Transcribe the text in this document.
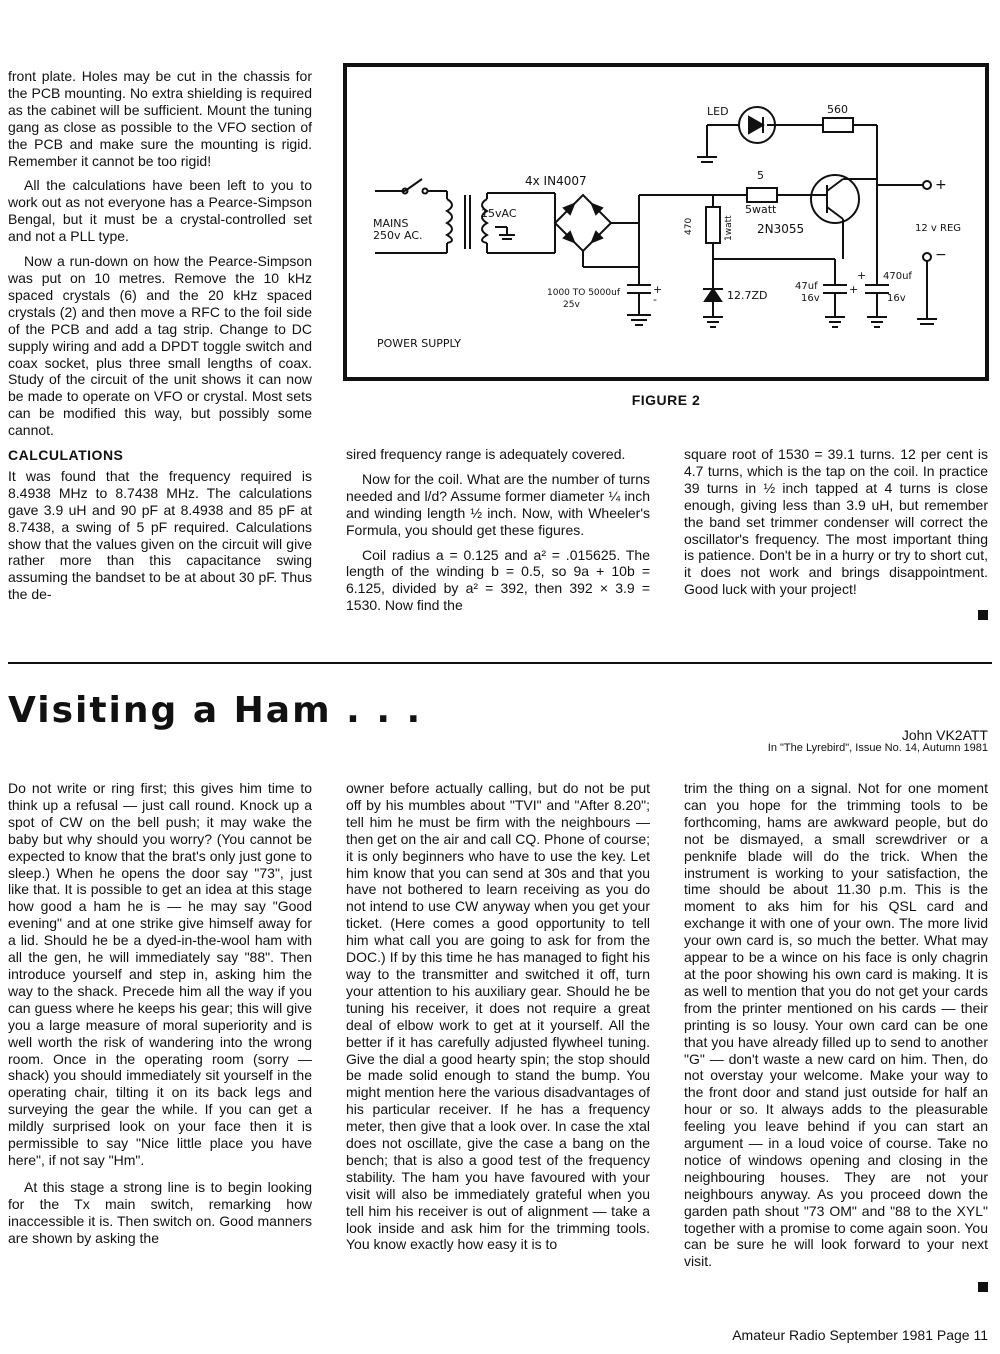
front plate. Holes may be cut in the chassis for the PCB mounting. No extra shielding is required as the cabinet will be sufficient. Mount the tuning gang as close as possible to the VFO section of the PCB and make sure the mounting is rigid. Remember it cannot be too rigid!

All the calculations have been left to you to work out as not everyone has a Pearce-Simpson Bengal, but it must be a crystal-controlled set and not a PLL type.

Now a run-down on how the Pearce-Simpson was put on 10 metres. Remove the 10 kHz spaced crystals (6) and the 20 kHz spaced crystals (2) and then move a RFC to the foil side of the PCB and add a tag strip. Change to DC supply wiring and add a DPDT toggle switch and coax socket, plus three small lengths of coax. Study of the circuit of the unit shows it can now be made to operate on VFO or crystal. Most sets can be modified this way, but possibly some cannot.

CALCULATIONS

It was found that the frequency required is 8.4938 MHz to 8.7438 MHz. The calculations gave 3.9 uH and 90 pF at 8.4938 and 85 pF at 8.7438, a swing of 5 pF required. Calculations show that the values given on the circuit will give rather more than this capacitance swing assuming the bandset to be at about 30 pF. Thus the de-

MAINS
250v AC.
15vAC
4x IN4007
1000 TO 5000uf
25v
+
-
LED	560
5
5watt
470	1watt 2N3055
12.7ZD
47uf
16v
+
470uf
16v
+
+
−
12 v REG
POWER SUPPLY
FIGURE 2

sired frequency range is adequately covered.

Now for the coil. What are the number of turns needed and l/d? Assume former diameter ¼ inch and winding length ½ inch. Now, with Wheeler's Formula, you should get these figures.

Coil radius a = 0.125 and a² = .015625. The length of the winding b = 0.5, so 9a + 10b = 6.125, divided by a² = 392, then 392 × 3.9 = 1530. Now find the

square root of 1530 = 39.1 turns. 12 per cent is 4.7 turns, which is the tap on the coil. In practice 39 turns in ½ inch tapped at 4 turns is close enough, giving less than 3.9 uH, but remember the band set trimmer condenser will correct the oscillator's frequency. The most important thing is patience. Don't be in a hurry or try to short cut, it does not work and brings disappointment. Good luck with your project!

Visiting a Ham . . .
John VK2ATT
In "The Lyrebird", Issue No. 14, Autumn 1981

Do not write or ring first; this gives him time to think up a refusal — just call round. Knock up a spot of CW on the bell push; it may wake the baby but why should you worry? (You cannot be expected to know that the brat's only just gone to sleep.) When he opens the door say "73", just like that. It is possible to get an idea at this stage how good a ham he is — he may say "Good evening" and at one strike give himself away for a lid. Should he be a dyed-in-the-wool ham with all the gen, he will immediately say "88". Then introduce yourself and step in, asking him the way to the shack. Precede him all the way if you can guess where he keeps his gear; this will give you a large measure of moral superiority and is well worth the risk of wandering into the wrong room. Once in the operating room (sorry — shack) you should immediately sit yourself in the operating chair, tilting it on its back legs and surveying the gear the while. If you can get a mildly surprised look on your face then it is permissible to say "Nice little place you have here", if not say "Hm".

At this stage a strong line is to begin looking for the Tx main switch, remarking how inaccessible it is. Then switch on. Good manners are shown by asking the

owner before actually calling, but do not be put off by his mumbles about "TVI" and "After 8.20"; tell him he must be firm with the neighbours — then get on the air and call CQ. Phone of course; it is only beginners who have to use the key. Let him know that you can send at 30s and that you have not bothered to learn receiving as you do not intend to use CW anyway when you get your ticket. (Here comes a good opportunity to tell him what call you are going to ask for from the DOC.) If by this time he has managed to fight his way to the transmitter and switched it off, turn your attention to his auxiliary gear. Should he be tuning his receiver, it does not require a great deal of elbow work to get at it yourself. All the better if it has carefully adjusted flywheel tuning. Give the dial a good hearty spin; the stop should be made solid enough to stand the bump. You might mention here the various disadvantages of his particular receiver. If he has a frequency meter, then give that a look over. In case the xtal does not oscillate, give the case a bang on the bench; that is also a good test of the frequency stability. The ham you have favoured with your visit will also be immediately grateful when you tell him his receiver is out of alignment — take a look inside and ask him for the trimming tools. You know exactly how easy it is to

trim the thing on a signal. Not for one moment can you hope for the trimming tools to be forthcoming, hams are awkward people, but do not be dismayed, a small screwdriver or a penknife blade will do the trick. When the instrument is working to your satisfaction, the time should be about 11.30 p.m. This is the moment to aks him for his QSL card and exchange it with one of your own. The more livid your own card is, so much the better. What may appear to be a wince on his face is only chagrin at the poor showing his own card is making. It is as well to mention that you do not get your cards from the printer mentioned on his cards — their printing is so lousy. Your own card can be one that you have already filled up to send to another "G" — don't waste a new card on him. Then, do not overstay your welcome. Make your way to the front door and stand just outside for half an hour or so. It always adds to the pleasurable feeling you leave behind if you can start an argument — in a loud voice of course. Take no notice of windows opening and closing in the neighbouring houses. They are not your neighbours anyway. As you proceed down the garden path shout "73 OM" and "88 to the XYL" together with a promise to come again soon. You can be sure he will look forward to your next visit.

Amateur Radio September 1981 Page 11
